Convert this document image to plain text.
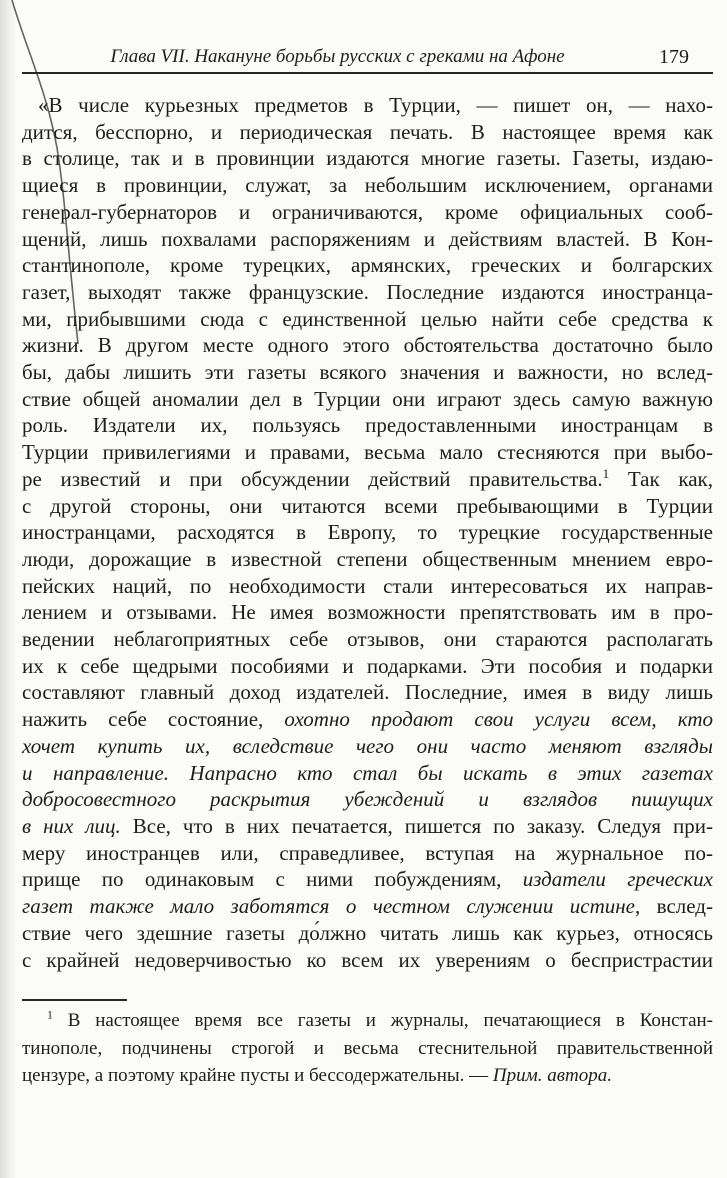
Глава VII. Накануне борьбы русских с греками на Афоне	179
«В числе курьезных предметов в Турции, — пишет он, — нахо-
дится, бесспорно, и периодическая печать. В настоящее время как
в столице, так и в провинции издаются многие газеты. Газеты, издаю-
щиеся в провинции, служат, за небольшим исключением, органами
генерал-губернаторов и ограничиваются, кроме официальных сооб-
щений, лишь похвалами распоряжениям и действиям властей. В Кон-
стантинополе, кроме турецких, армянских, греческих и болгарских
газет, выходят также французские. Последние издаются иностранца-
ми, прибывшими сюда с единственной целью найти себе средства к
жизни. В другом месте одного этого обстоятельства достаточно было
бы, дабы лишить эти газеты всякого значения и важности, но вслед-
ствие общей аномалии дел в Турции они играют здесь самую важную
роль. Издатели их, пользуясь предоставленными иностранцам в
Турции привилегиями и правами, весьма мало стесняются при выбо-
ре известий и при обсуждении действий правительства.$^1$ Так как,
с другой стороны, они читаются всеми пребывающими в Турции
иностранцами, расходятся в Европу, то турецкие государственные
люди, дорожащие в известной степени общественным мнением евро-
пейских наций, по необходимости стали интересоваться их направ-
лением и отзывами. Не имея возможности препятствовать им в про-
ведении неблагоприятных себе отзывов, они стараются располагать
их к себе щедрыми пособиями и подарками. Эти пособия и подарки
составляют главный доход издателей. Последние, имея в виду лишь
нажить себе состояние, охотно продают свои услуги всем, кто
хочет купить их, вследствие чего они часто меняют взгляды
и направление. Напрасно кто стал бы искать в этих газетах
добросовестного раскрытия убеждений и взглядов пишущих
в них лиц. Все, что в них печатается, пишется по заказу. Следуя при-
меру иностранцев или, справедливее, вступая на журнальное по-
прище по одинаковым с ними побуждениям, издатели греческих
газет также мало заботятся о честном служении истине, вслед-
ствие чего здешние газеты до́лжно читать лишь как курьез, относясь
с крайней недоверчивостью ко всем их уверениям о беспристрастии
$^1$ В настоящее время все газеты и журналы, печатающиеся в Констан-
тинополе, подчинены строгой и весьма стеснительной правительственной
цензуре, а поэтому крайне пусты и бессодержательны. — Прим. автора.
